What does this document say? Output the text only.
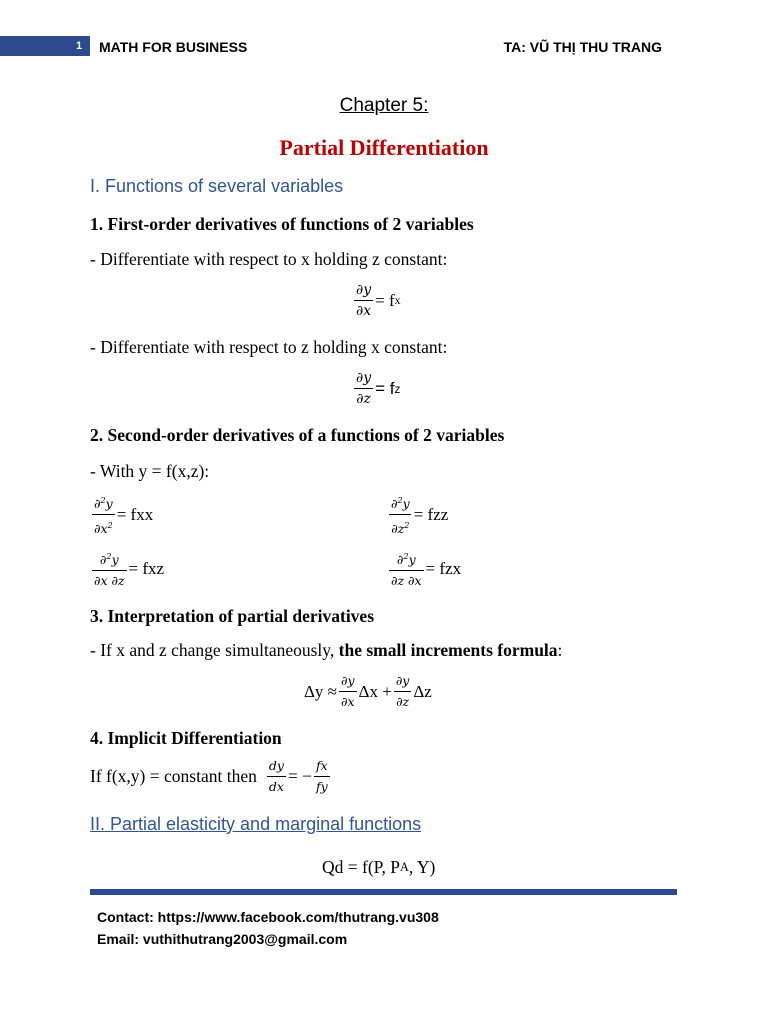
1 MATH FOR BUSINESS	TA: VŨ THỊ THU TRANG
Chapter 5:
Partial Differentiation
I. Functions of several variables
1. First-order derivatives of functions of 2 variables
- Differentiate with respect to x holding z constant:
$\frac{\partial y}{\partial x} = f$ x
- Differentiate with respect to z holding x constant:
$\frac{\partial y}{\partial z} = f$ z
2. Second-order derivatives of a functions of 2 variables
- With y = f(x,z):
$\frac{\partial^2y}{\partial x^2}$ = fxx	$\frac{\partial^2y}{\partial z^2}$ = fzz
$\frac{\partial^2y}{\partial x \partial z}$ = fxz	$\frac{\partial^2y}{\partial z \partial x}$ = fzx
3. Interpretation of partial derivatives
- If x and z change simultaneously, the small increments formula:
$\Delta y \approx \frac{\partial y}{\partial x}$ $\Delta x + \frac{\partial y}{\partial z}$ Δz
4. Implicit Differentiation
If f(x,y) = constant then $\frac{dy}{dx}$ = − $\frac{fx}{fy}$
II. Partial elasticity and marginal functions
Qd = f(P, P A , Y)
Contact: https://www.facebook.com/thutrang.vu308
Email: vuthithutrang2003@gmail.com
